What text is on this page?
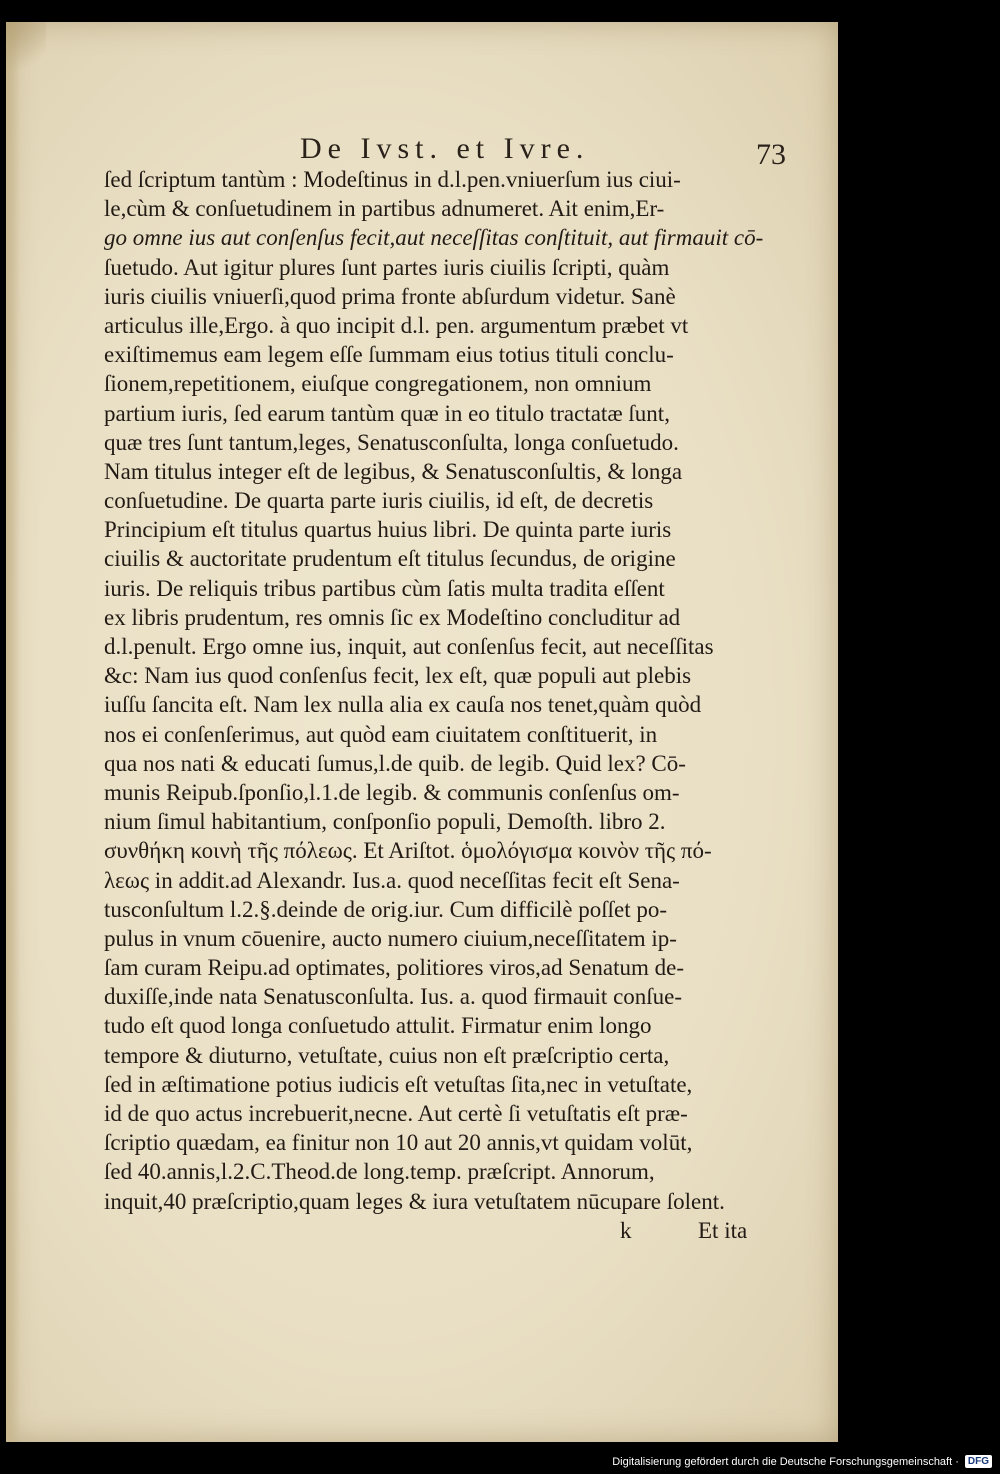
De Ivst. et Ivre.	73
ſed ſcriptum tantùm : Modeſtinus in d.l.pen.vniuerſum ius ciui-
le,cùm & conſuetudinem in partibus adnumeret. Ait enim,Er-
go omne ius aut conſenſus fecit,aut neceſſitas conſtituit, aut firmauit cō-
ſuetudo. Aut igitur plures ſunt partes iuris ciuilis ſcripti, quàm
iuris ciuilis vniuerſi,quod prima fronte abſurdum videtur. Sanè
articulus ille,Ergo. à quo incipit d.l. pen. argumentum præbet vt
exiſtimemus eam legem eſſe ſummam eius totius tituli conclu-
ſionem,repetitionem, eiuſque congregationem, non omnium
partium iuris, ſed earum tantùm quæ in eo titulo tractatæ ſunt,
quæ tres ſunt tantum,leges, Senatusconſulta, longa conſuetudo.
Nam titulus integer eſt de legibus, & Senatusconſultis, & longa
conſuetudine. De quarta parte iuris ciuilis, id eſt, de decretis
Principium eſt titulus quartus huius libri. De quinta parte iuris
ciuilis & auctoritate prudentum eſt titulus ſecundus, de origine
iuris. De reliquis tribus partibus cùm ſatis multa tradita eſſent
ex libris prudentum, res omnis ſic ex Modeſtino concluditur ad
d.l.penult. Ergo omne ius, inquit, aut conſenſus fecit, aut neceſſitas
&c: Nam ius quod conſenſus fecit, lex eſt, quæ populi aut plebis
iuſſu ſancita eſt. Nam lex nulla alia ex cauſa nos tenet,quàm quòd
nos ei conſenſerimus, aut quòd eam ciuitatem conſtituerit, in
qua nos nati & educati ſumus,l.de quib. de legib. Quid lex? Cō-
munis Reipub.ſponſio,l.1.de legib. & communis conſenſus om-
nium ſimul habitantium, conſponſio populi, Demoſth. libro 2.
συνθήκη κοινὴ τῆς πόλεως. Et Ariſtot. ὁμολόγισμα κοινὸν τῆς πό-
λεως in addit.ad Alexandr. Ius.a. quod neceſſitas fecit eſt Sena-
tusconſultum l.2.§.deinde de orig.iur. Cum difficilè poſſet po-
pulus in vnum cōuenire, aucto numero ciuium,neceſſitatem ip-
ſam curam Reipu.ad optimates, politiores viros,ad Senatum de-
duxiſſe,inde nata Senatusconſulta. Ius. a. quod firmauit conſue-
tudo eſt quod longa conſuetudo attulit. Firmatur enim longo
tempore & diuturno, vetuſtate, cuius non eſt præſcriptio certa,
ſed in æſtimatione potius iudicis eſt vetuſtas ſita,nec in vetuſtate,
id de quo actus increbuerit,necne. Aut certè ſi vetuſtatis eſt præ-
ſcriptio quædam, ea finitur non 10 aut 20 annis,vt quidam volūt,
ſed 40.annis,l.2.C.Theod.de long.temp. præſcript. Annorum,
inquit,40 præſcriptio,quam leges & iura vetuſtatem nūcupare ſolent.
k	Et ita
Digitalisierung gefördert durch die Deutsche Forschungsgemeinschaft · DFG
